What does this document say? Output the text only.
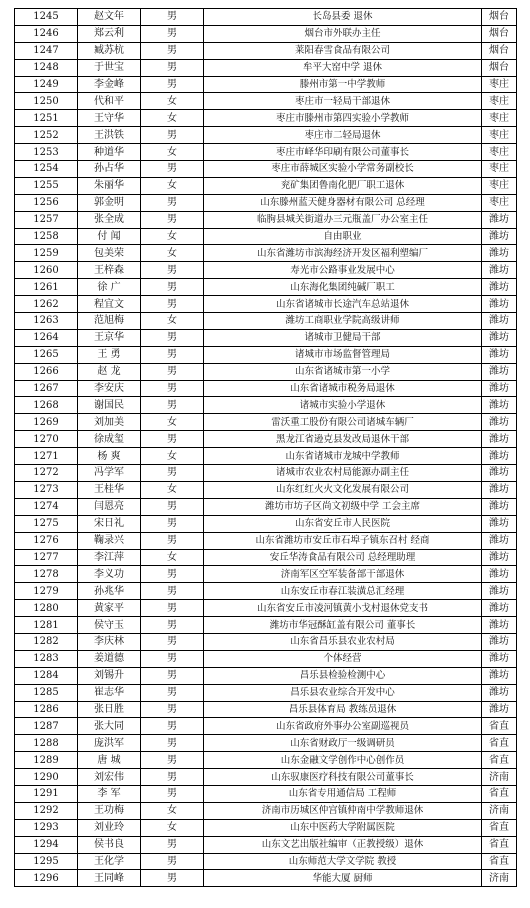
1245	赵文年	男	长岛县委 退休	烟台
1246	郑云利	男	烟台市外联办主任	烟台
1247	臧苏杭	男	莱阳春雪食品有限公司	烟台
1248	于世宝	男	牟平大窑中学 退休	烟台
1249	李金峰	男	滕州市第一中学教师	枣庄
1250	代和平	女	枣庄市一轻局干部退休	枣庄
1251	王守华	女	枣庄市滕州市第四实验小学教师	枣庄
1252	王洪铁	男	枣庄市二轻局退休	枣庄
1253	种道华	女	枣庄市峄华印刷有限公司董事长	枣庄
1254	孙占华	男	枣庄市薛城区实验小学常务副校长	枣庄
1255	朱丽华	女	兖矿集团鲁南化肥厂职工退休	枣庄
1256	郭金明	男	山东滕州蓝天健身器材有限公司 总经理	枣庄
1257	张全成	男	临朐县城关街道办三元瓶盖厂办公室主任	潍坊
1258	付 闻	女	自由职业	潍坊
1259	包美荣	女	山东省潍坊市滨海经济开发区福利塑编厂	潍坊
1260	王梓森	男	寿光市公路事业发展中心	潍坊
1261	徐 广	男	山东海化集团纯碱厂职工	潍坊
1262	程宜文	男	山东省诸城市长途汽车总站退休	潍坊
1263	范旭梅	女	潍坊工商职业学院高级讲师	潍坊
1264	王京华	男	诸城市卫健局干部	潍坊
1265	王 勇	男	诸城市市场监督管理局	潍坊
1266	赵 龙	男	山东省诸城市第一小学	潍坊
1267	李安庆	男	山东省诸城市税务局退休	潍坊
1268	谢国民	男	诸城市实验小学退休	潍坊
1269	刘加美	女	雷沃重工股份有限公司诸城车辆厂	潍坊
1270	徐成玺	男	黑龙江省逊克县发改局退休干部	潍坊
1271	杨 爽	女	山东省诸城市龙城中学教师	潍坊
1272	冯学军	男	诸城市农业农村局能源办副主任	潍坊
1273	王桂华	女	山东红红火火文化发展有限公司	潍坊
1274	闫恩亮	男	潍坊市坊子区尚文初级中学 工会主席	潍坊
1275	宋日礼	男	山东省安丘市人民医院	潍坊
1276	鞠录兴	男	山东省潍坊市安丘市石埠子镇东召村 经商	潍坊
1277	李江萍	女	安丘华涛食品有限公司 总经理助理	潍坊
1278	李义功	男	济南军区空军装备部干部退休	潍坊
1279	孙兆华	男	山东安丘市春江装潢总汇经理	潍坊
1280	黄家平	男	山东省安丘市凌河镇黄小戈村退休党支书	潍坊
1281	侯守玉	男	潍坊市华冠酥缸盖有限公司 董事长	潍坊
1282	李庆林	男	山东省昌乐县农业农村局	潍坊
1283	姜道德	男	个体经营	潍坊
1284	刘锡升	男	昌乐县检验检测中心	潍坊
1285	崔志华	男	昌乐县农业综合开发中心	潍坊
1286	张日胜	男	昌乐县体育局 教练员退休	潍坊
1287	张大同	男	山东省政府外事办公室副巡视员	省直
1288	庞洪军	男	山东省财政厅一级调研员	省直
1289	唐 城	男	山东金融文学创作中心创作员	省直
1290	刘宏伟	男	山东驭康医疗科技有限公司董事长	济南
1291	李 军	男	山东省专用通信局 工程师	省直
1292	王功梅	女	济南市历城区仲宫镇仲南中学教师退休	济南
1293	刘业玲	女	山东中医药大学附属医院	省直
1294	侯书良	男	山东文艺出版社编审（正教授级）退休	省直
1295	王化学	男	山东师范大学文学院 教授	省直
1296	王同峰	男	华能大厦 厨师	济南
